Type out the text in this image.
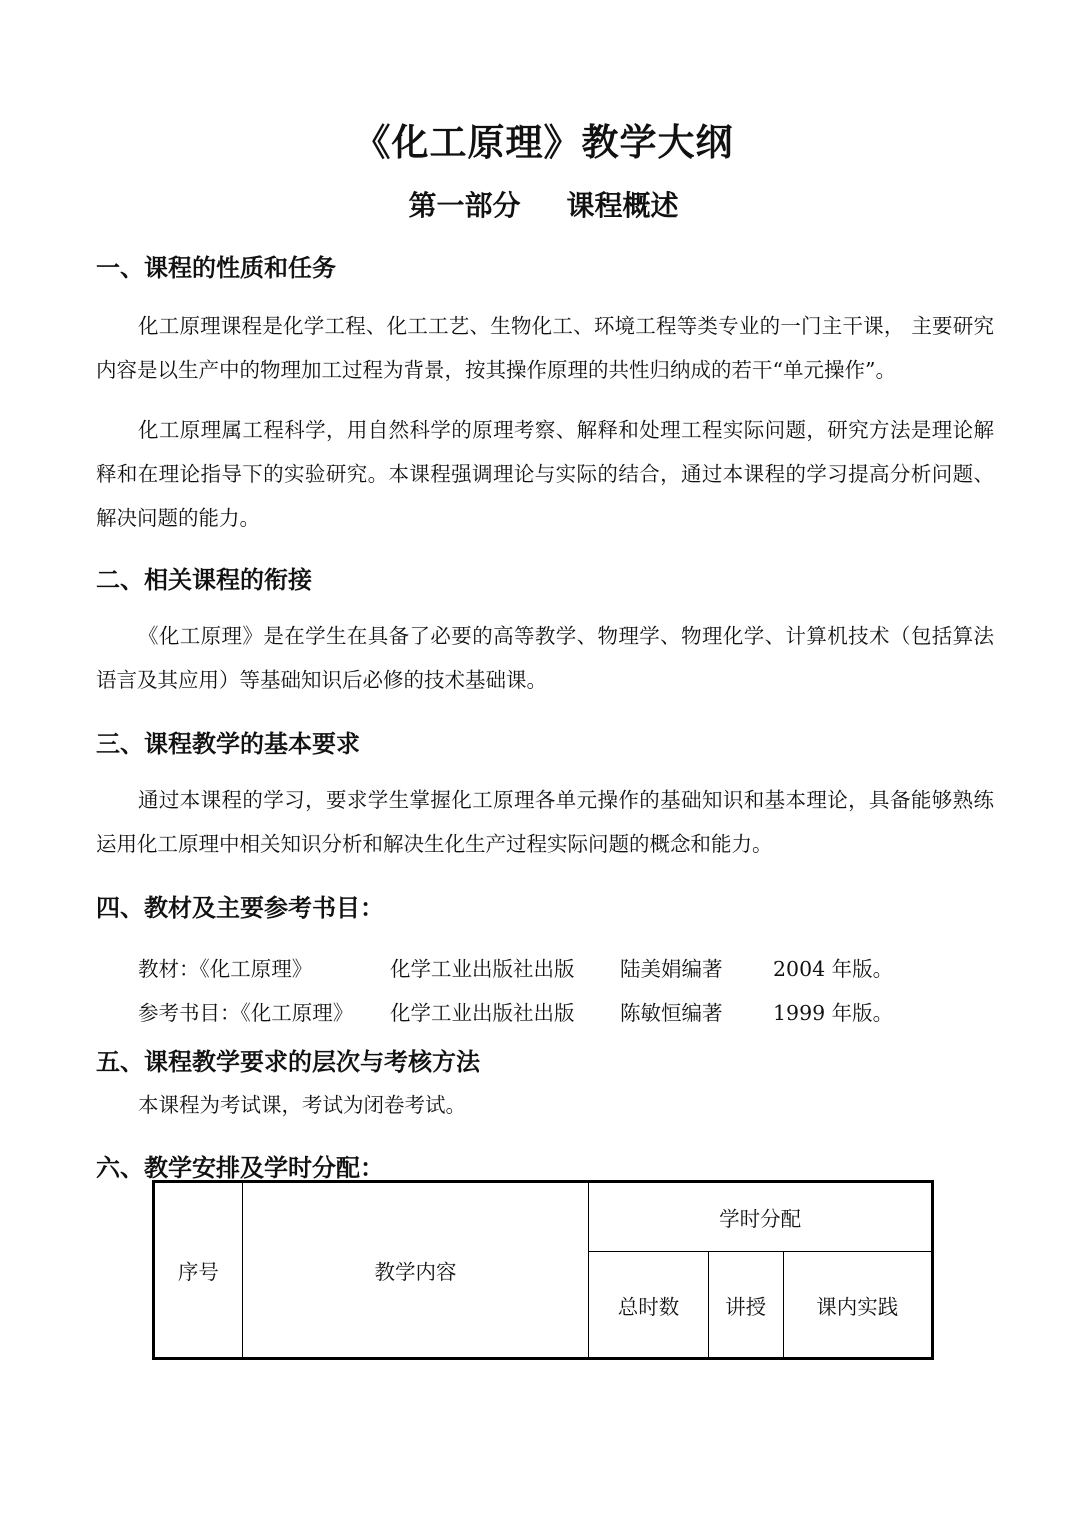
《化工原理》教学大纲
第一部分 课程概述
一、课程的性质和任务
化工原理课程是化学工程、化工工艺、生物化工、环境工程等类专业的一门主干课， 主要研究内容是以生产中的物理加工过程为背景，按其操作原理的共性归纳成的若干“单元操作”。
化工原理属工程科学，用自然科学的原理考察、解释和处理工程实际问题，研究方法是理论解释和在理论指导下的实验研究。本课程强调理论与实际的结合，通过本课程的学习提高分析问题、解决问题的能力。
二、相关课程的衔接
《化工原理》是在学生在具备了必要的高等教学、物理学、物理化学、计算机技术（包括算法语言及其应用）等基础知识后必修的技术基础课。
三、课程教学的基本要求
通过本课程的学习，要求学生掌握化工原理各单元操作的基础知识和基本理论，具备能够熟练运用化工原理中相关知识分析和解决生化生产过程实际问题的概念和能力。
四、教材及主要参考书目：
教材：《化工原理》	化学工业出版社出版 陆美娟编著 2004 年版。
参考书目：《化工原理》 化学工业出版社出版 陈敏恒编著 1999 年版。
五、课程教学要求的层次与考核方法
本课程为考试课，考试为闭卷考试。
六、教学安排及学时分配：
序号	教学内容	学时分配		
		总时数	讲授	课内实践
